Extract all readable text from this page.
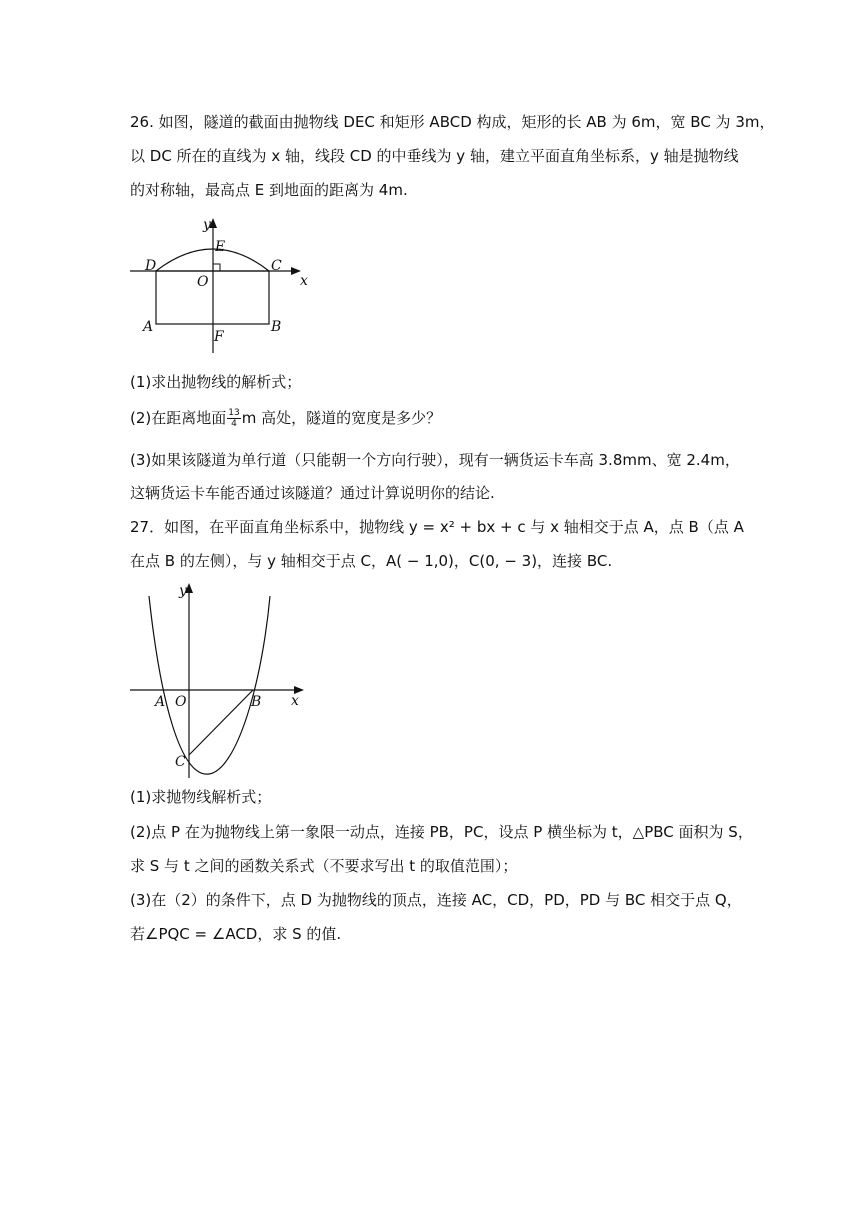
26. 如图，隧道的截面由抛物线 DEC 和矩形 ABCD 构成，矩形的长 AB 为 6m，宽 BC 为 3m，
以 DC 所在的直线为 x 轴，线段 CD 的中垂线为 y 轴，建立平面直角坐标系，y 轴是抛物线
的对称轴，最高点 E 到地面的距离为 4m.
y
x
E
O
D	C
A	B
F
(1)求出抛物线的解析式；
(2)在距离地面 $\frac{13}{4}$ m 高处，隧道的宽度是多少？
(3)如果该隧道为单行道（只能朝一个方向行驶），现有一辆货运卡车高 3.8mm、宽 2.4m，
这辆货运卡车能否通过该隧道？通过计算说明你的结论.
27．如图，在平面直角坐标系中，抛物线 y = x² + bx + c 与 x 轴相交于点 A，点 B（点 A
在点 B 的左侧），与 y 轴相交于点 C，A( − 1,0)，C(0, − 3)，连接 BC.
y
x
A O	B
C
(1)求抛物线解析式；
(2)点 P 在为抛物线上第一象限一动点，连接 PB，PC，设点 P 横坐标为 t，△PBC 面积为 S，
求 S 与 t 之间的函数关系式（不要求写出 t 的取值范围）；
(3)在（2）的条件下，点 D 为抛物线的顶点，连接 AC，CD，PD，PD 与 BC 相交于点 Q，
若∠PQC = ∠ACD，求 S 的值.
